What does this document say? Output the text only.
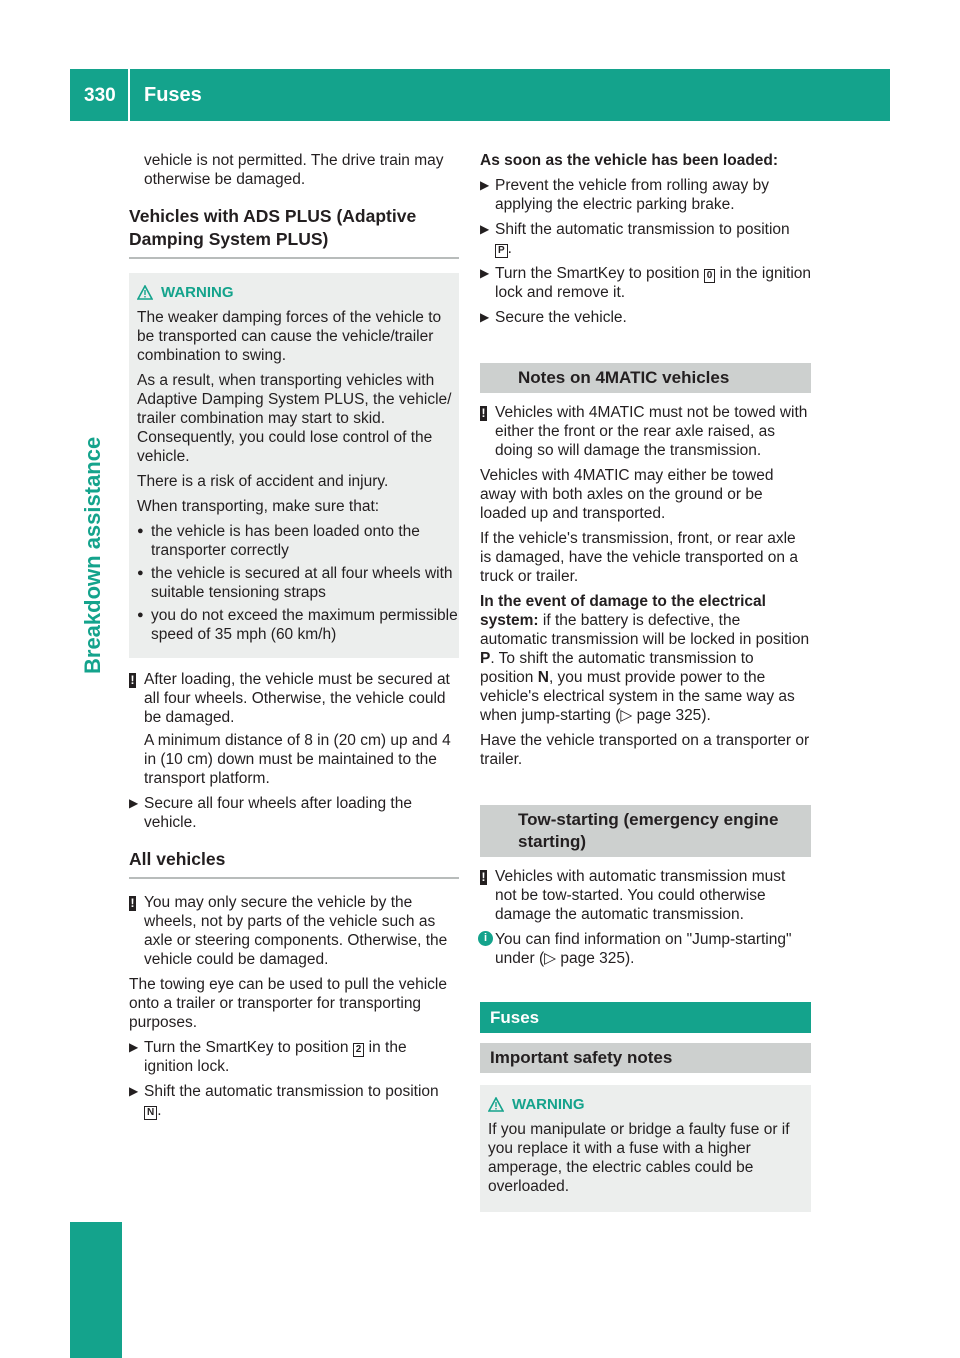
330	Fuses
Breakdown assistance

vehicle is not permitted. The drive train may otherwise be damaged.

Vehicles with ADS PLUS (Adaptive Damping System PLUS)
WARNING

The weaker damping forces of the vehicle to be transported can cause the vehicle/trailer combination to swing.

As a result, when transporting vehicles with Adaptive Damping System PLUS, the vehicle/ trailer combination may start to skid. Consequently, you could lose control of the vehicle.

There is a risk of accident and injury.

When transporting, make sure that:

● the vehicle is has been loaded onto the transporter correctly
● the vehicle is secured at all four wheels with suitable tensioning straps
● you do not exceed the maximum permissible speed of 35 mph (60 km/h)
! After loading, the vehicle must be secured at all four wheels. Otherwise, the vehicle could be damaged.
A minimum distance of 8 in (20 cm) up and 4 in (10 cm) down must be maintained to the transport platform.
▶ Secure all four wheels after loading the vehicle.
All vehicles
! You may only secure the vehicle by the wheels, not by parts of the vehicle such as axle or steering components. Otherwise, the vehicle could be damaged.

The towing eye can be used to pull the vehicle onto a trailer or transporter for transporting purposes.

▶ Turn the SmartKey to position 2 in the ignition lock.
▶ Shift the automatic transmission to position
N .

As soon as the vehicle has been loaded:

▶ Prevent the vehicle from rolling away by applying the electric parking brake.
▶ Shift the automatic transmission to position
P .
▶ Turn the SmartKey to position 0 in the ignition lock and remove it.
▶ Secure the vehicle.
Notes on 4MATIC vehicles
! Vehicles with 4MATIC must not be towed with either the front or the rear axle raised, as doing so will damage the transmission.

Vehicles with 4MATIC may either be towed away with both axles on the ground or be loaded up and transported.

If the vehicle's transmission, front, or rear axle is damaged, have the vehicle transported on a truck or trailer.

In the event of damage to the electrical system: if the battery is defective, the automatic transmission will be locked in position P. To shift the automatic transmission to position N, you must provide power to the vehicle's electrical system in the same way as when jump-starting (▷ page 325).

Have the vehicle transported on a transporter or trailer.

Tow-starting (emergency engine starting)
! Vehicles with automatic transmission must not be tow-started. You could otherwise damage the automatic transmission.
i You can find information on "Jump-starting" under (▷ page 325).
Fuses
Important safety notes
WARNING

If you manipulate or bridge a faulty fuse or if you replace it with a fuse with a higher amperage, the electric cables could be overloaded.
